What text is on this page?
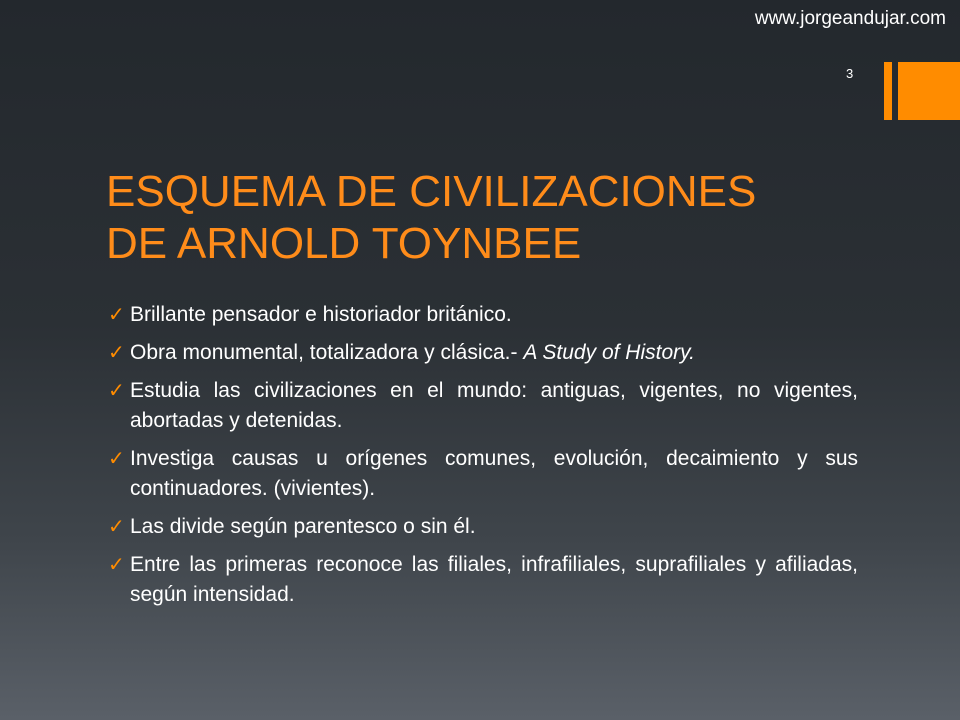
www.jorgeandujar.com
3
ESQUEMA DE CIVILIZACIONES
DE ARNOLD TOYNBEE
✓ Brillante pensador e historiador británico.
✓ Obra monumental, totalizadora y clásica.- A Study of History.
✓ Estudia las civilizaciones en el mundo: antiguas, vigentes, no vigentes, abortadas y detenidas.
✓ Investiga causas u orígenes comunes, evolución, decaimiento y sus continuadores. (vivientes).
✓ Las divide según parentesco o sin él.
✓ Entre las primeras reconoce las filiales, infrafiliales, suprafiliales y afiliadas, según intensidad.
